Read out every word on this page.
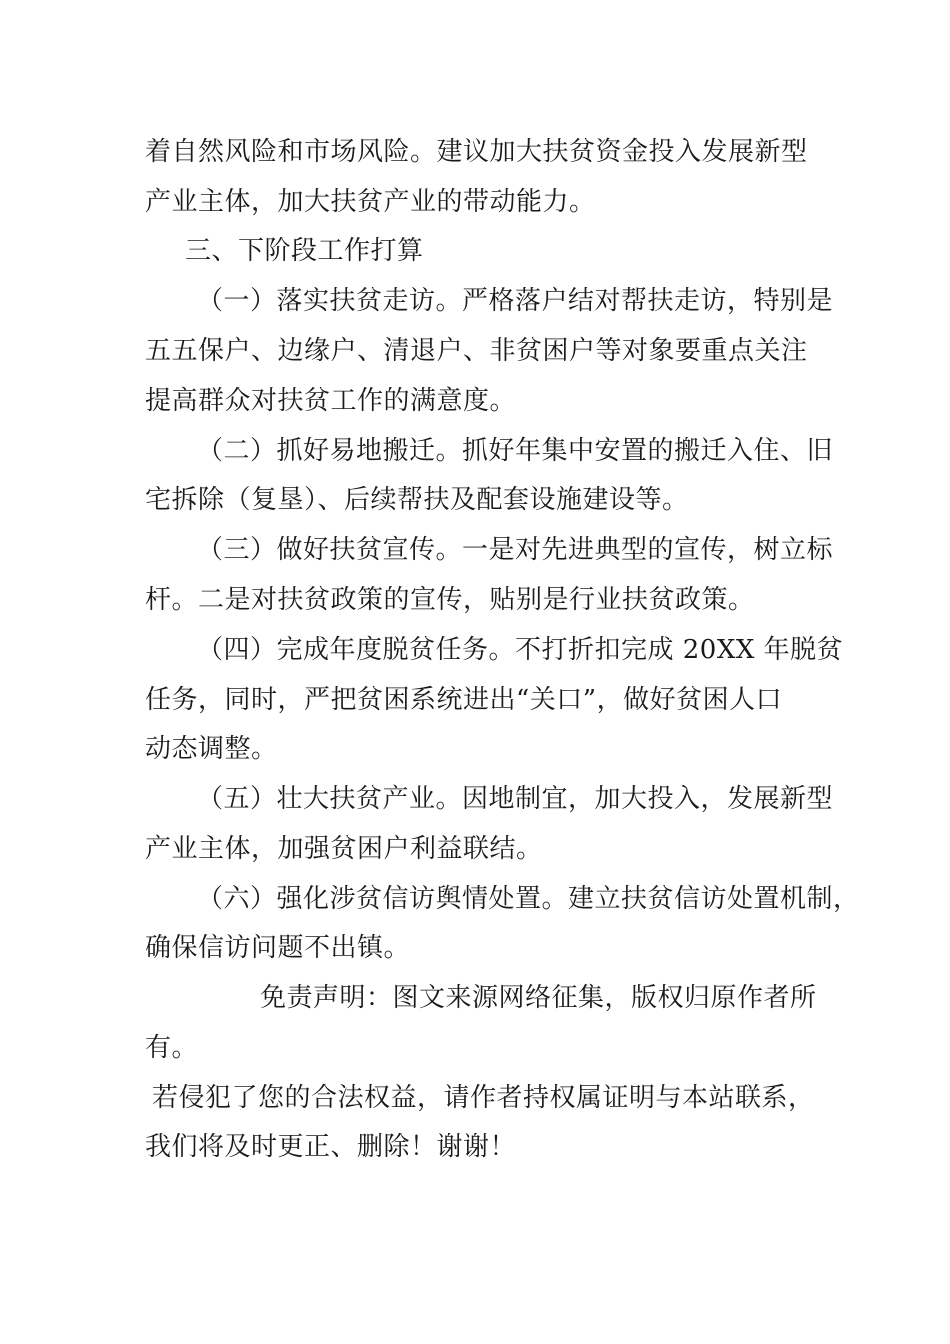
着自然风险和市场风险。建议加大扶贫资金投入发展新型
产业主体，加大扶贫产业的带动能力。
三、下阶段工作打算
（一）落实扶贫走访。严格落户结对帮扶走访，特别是
五五保户、边缘户、清退户、非贫困户等对象要重点关注
提高群众对扶贫工作的满意度。
（二）抓好易地搬迁。抓好年集中安置的搬迁入住、旧
宅拆除（复垦）、后续帮扶及配套设施建设等。
（三）做好扶贫宣传。一是对先进典型的宣传，树立标
杆。二是对扶贫政策的宣传，贴别是行业扶贫政策。
（四）完成年度脱贫任务。不打折扣完成 20XX 年脱贫
任务，同时，严把贫困系统进出“关口”，做好贫困人口
动态调整。
（五）壮大扶贫产业。因地制宜，加大投入，发展新型
产业主体，加强贫困户利益联结。
（六）强化涉贫信访舆情处置。建立扶贫信访处置机制，
确保信访问题不出镇。
免责声明：图文来源网络征集，版权归原作者所
有。
若侵犯了您的合法权益，请作者持权属证明与本站联系，
我们将及时更正、删除！谢谢！
